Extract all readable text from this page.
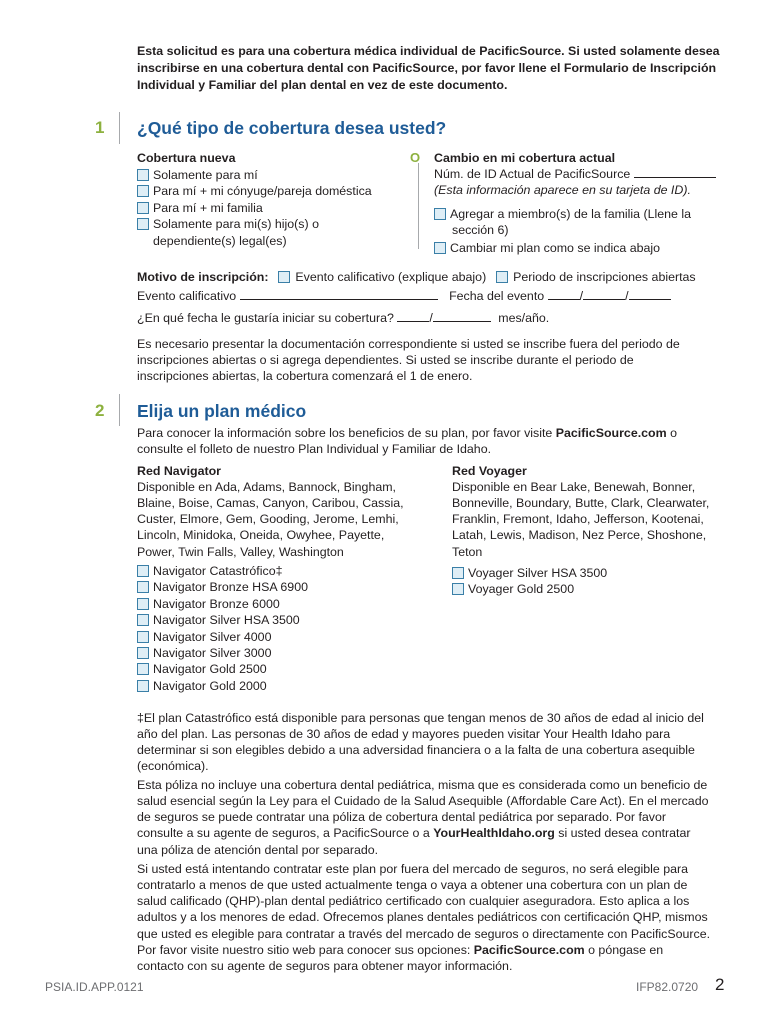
Esta solicitud es para una cobertura médica individual de PacificSource. Si usted solamente desea inscribirse en una cobertura dental con PacificSource, por favor llene el Formulario de Inscripción Individual y Familiar del plan dental en vez de este documento.
1 ¿Qué tipo de cobertura desea usted?
Cobertura nueva
Solamente para mí
Para mí + mi cónyuge/pareja doméstica
Para mí + mi familia
Solamente para mi(s) hijo(s) o
dependiente(s) legal(es)
O Cambio en mi cobertura actual
Núm. de ID Actual de PacificSource
(Esta información aparece en su tarjeta de ID).
Agregar a miembro(s) de la familia (Llene la
sección 6)
Cambiar mi plan como se indica abajo
Motivo de inscripción: Evento calificativo (explique abajo) Periodo de inscripciones abiertas
Evento calificativo	Fecha del evento	/	/
¿En qué fecha le gustaría iniciar su cobertura?	/	mes/año.
Es necesario presentar la documentación correspondiente si usted se inscribe fuera del periodo de inscripciones abiertas o si agrega dependientes. Si usted se inscribe durante el periodo de inscripciones abiertas, la cobertura comenzará el 1 de enero.
2 Elija un plan médico
Para conocer la información sobre los beneficios de su plan, por favor visite PacificSource.com o consulte el folleto de nuestro Plan Individual y Familiar de Idaho.
Red Navigator
Disponible en Ada, Adams, Bannock, Bingham, Blaine, Boise, Camas, Canyon, Caribou, Cassia, Custer, Elmore, Gem, Gooding, Jerome, Lemhi, Lincoln, Minidoka, Oneida, Owyhee, Payette, Power, Twin Falls, Valley, Washington
Navigator Catastrófico‡
Navigator Bronze HSA 6900
Navigator Bronze 6000
Navigator Silver HSA 3500
Navigator Silver 4000
Navigator Silver 3000
Navigator Gold 2500
Navigator Gold 2000
Red Voyager
Disponible en Bear Lake, Benewah, Bonner, Bonneville, Boundary, Butte, Clark, Clearwater, Franklin, Fremont, Idaho, Jefferson, Kootenai, Latah, Lewis, Madison, Nez Perce, Shoshone, Teton
Voyager Silver HSA 3500
Voyager Gold 2500
‡El plan Catastrófico está disponible para personas que tengan menos de 30 años de edad al inicio del año del plan. Las personas de 30 años de edad y mayores pueden visitar Your Health Idaho para determinar si son elegibles debido a una adversidad financiera o a la falta de una cobertura asequible (económica).
Esta póliza no incluye una cobertura dental pediátrica, misma que es considerada como un beneficio de salud esencial según la Ley para el Cuidado de la Salud Asequible (Affordable Care Act). En el mercado de seguros se puede contratar una póliza de cobertura dental pediátrica por separado. Por favor consulte a su agente de seguros, a PacificSource o a YourHealthIdaho.org si usted desea contratar una póliza de atención dental por separado.
Si usted está intentando contratar este plan por fuera del mercado de seguros, no será elegible para contratarlo a menos de que usted actualmente tenga o vaya a obtener una cobertura con un plan de salud calificado (QHP)-plan dental pediátrico certificado con cualquier aseguradora. Esto aplica a los adultos y a los menores de edad. Ofrecemos planes dentales pediátricos con certificación QHP, mismos que usted es elegible para contratar a través del mercado de seguros o directamente con PacificSource. Por favor visite nuestro sitio web para conocer sus opciones: PacificSource.com o póngase en contacto con su agente de seguros para obtener mayor información.
PSIA.ID.APP.0121	IFP82.0720 2
